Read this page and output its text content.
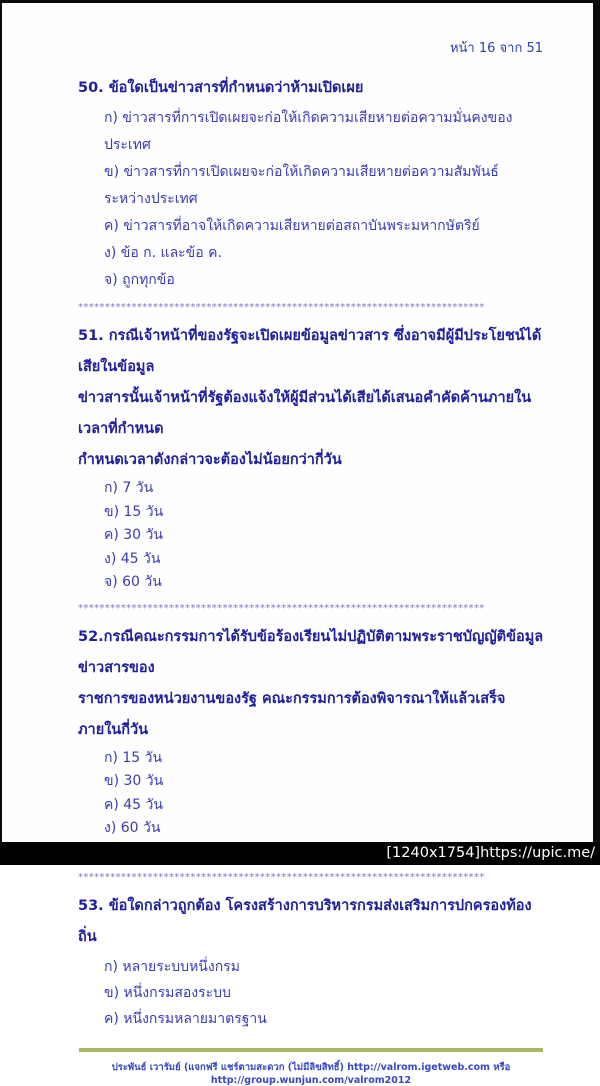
หน้า 16 จาก 51
50. ข้อใดเป็นข่าวสารที่กำหนดว่าห้ามเปิดเผย
ก) ข่าวสารที่การเปิดเผยจะก่อให้เกิดความเสียหายต่อความมั่นคงของประเทศ
ข) ข่าวสารที่การเปิดเผยจะก่อให้เกิดความเสียหายต่อความสัมพันธ์ระหว่างประเทศ
ค) ข่าวสารที่อาจให้เกิดความเสียหายต่อสถาบันพระมหากษัตริย์
ง) ข้อ ก. และข้อ ค.
จ) ถูกทุกข้อ
****************************************************************************
51. กรณีเจ้าหน้าที่ของรัฐจะเปิดเผยข้อมูลข่าวสาร ซึ่งอาจมีผู้มีประโยชน์ได้เสียในข้อมูล
ข่าวสารนั้นเจ้าหน้าที่รัฐต้องแจ้งให้ผู้มีส่วนได้เสียได้เสนอคำคัดค้านภายในเวลาที่กำหนด
กำหนดเวลาดังกล่าวจะต้องไม่น้อยกว่ากี่วัน
ก) 7 วัน
ข) 15 วัน
ค) 30 วัน
ง) 45 วัน
จ) 60 วัน
****************************************************************************
52.กรณีคณะกรรมการได้รับข้อร้องเรียนไม่ปฏิบัติตามพระราชบัญญัติข้อมูลข่าวสารของ
ราชการของหน่วยงานของรัฐ คณะกรรมการต้องพิจารณาให้แล้วเสร็จภายในกี่วัน
ก) 15 วัน
ข) 30 วัน
ค) 45 วัน
ง) 60 วัน
****************************************************************************
53. ข้อใดกล่าวถูกต้อง โครงสร้างการบริหารกรมส่งเสริมการปกครองท้องถิ่น
ก) หลายระบบหนึ่งกรม
ข) หนึ่งกรมสองระบบ
ค) หนึ่งกรมหลายมาตรฐาน
ประพันธ์ เวารัมย์ (แจกฟรี แชร์ตามสะดวก (ไม่มีลิขสิทธิ์) http://valrom.igetweb.com หรือ http://group.wunjun.com/valrom2012
[1240x1754]https://upic.me/
